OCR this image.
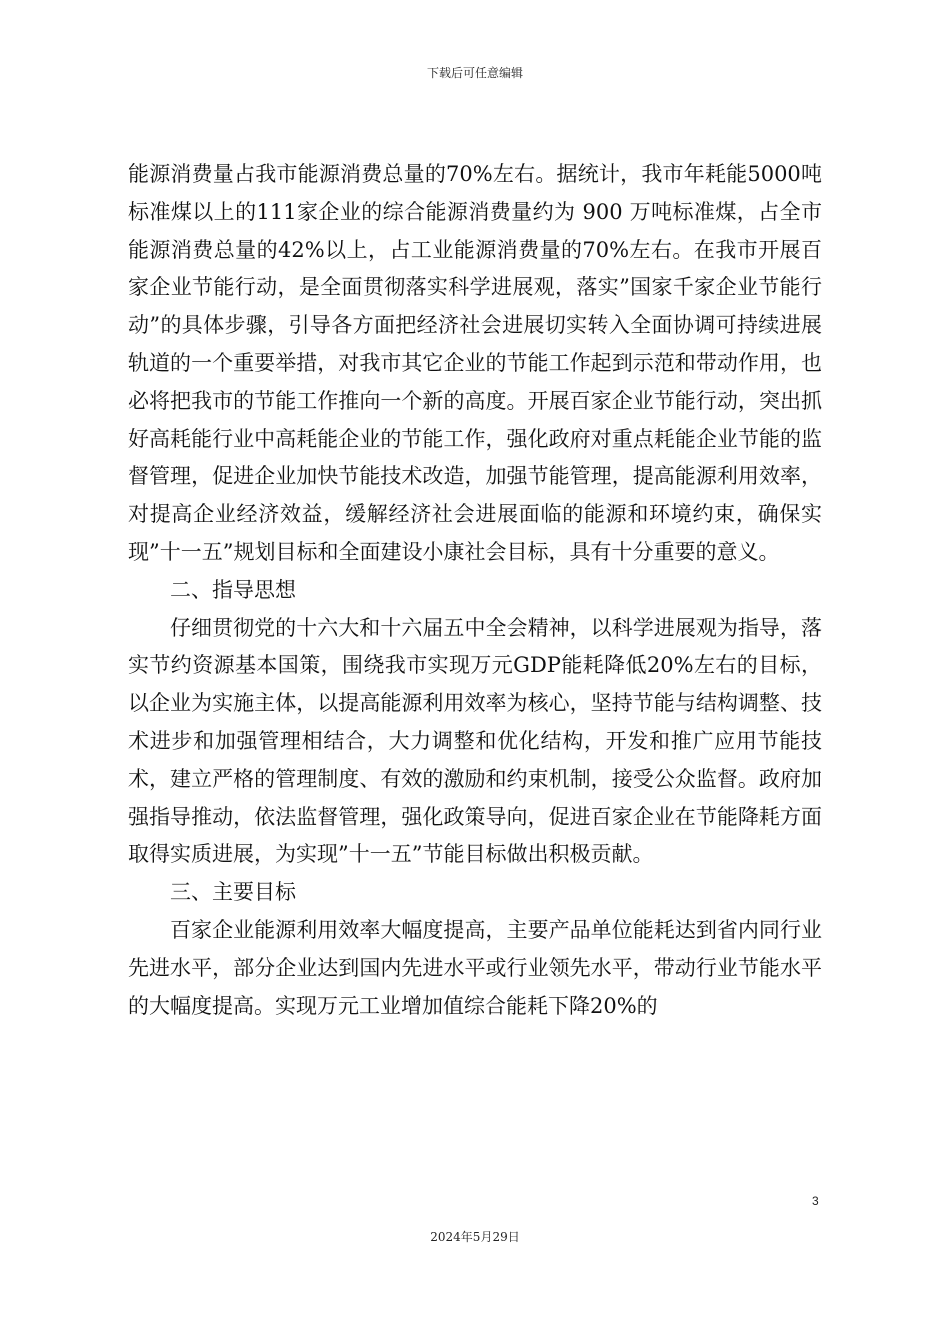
下载后可任意编辑

能源消费量占我市能源消费总量的70%左右。据统计，我市年耗能5000吨标准煤以上的111家企业的综合能源消费量约为 900 万吨标准煤，占全市能源消费总量的42%以上，占工业能源消费量的70%左右。在我市开展百家企业节能行动，是全面贯彻落实科学进展观，落实”国家千家企业节能行动”的具体步骤，引导各方面把经济社会进展切实转入全面协调可持续进展轨道的一个重要举措，对我市其它企业的节能工作起到示范和带动作用，也必将把我市的节能工作推向一个新的高度。开展百家企业节能行动，突出抓好高耗能行业中高耗能企业的节能工作，强化政府对重点耗能企业节能的监督管理，促进企业加快节能技术改造，加强节能管理，提高能源利用效率，对提高企业经济效益，缓解经济社会进展面临的能源和环境约束，确保实现”十一五”规划目标和全面建设小康社会目标，具有十分重要的意义。

二、指导思想

仔细贯彻党的十六大和十六届五中全会精神，以科学进展观为指导，落实节约资源基本国策，围绕我市实现万元GDP能耗降低20%左右的目标，以企业为实施主体，以提高能源利用效率为核心，坚持节能与结构调整、技术进步和加强管理相结合，大力调整和优化结构，开发和推广应用节能技术，建立严格的管理制度、有效的激励和约束机制，接受公众监督。政府加强指导推动，依法监督管理，强化政策导向，促进百家企业在节能降耗方面取得实质进展，为实现”十一五”节能目标做出积极贡献。

三、主要目标

百家企业能源利用效率大幅度提高，主要产品单位能耗达到省内同行业先进水平，部分企业达到国内先进水平或行业领先水平，带动行业节能水平的大幅度提高。实现万元工业增加值综合能耗下降20%的

3
2024年5月29日
